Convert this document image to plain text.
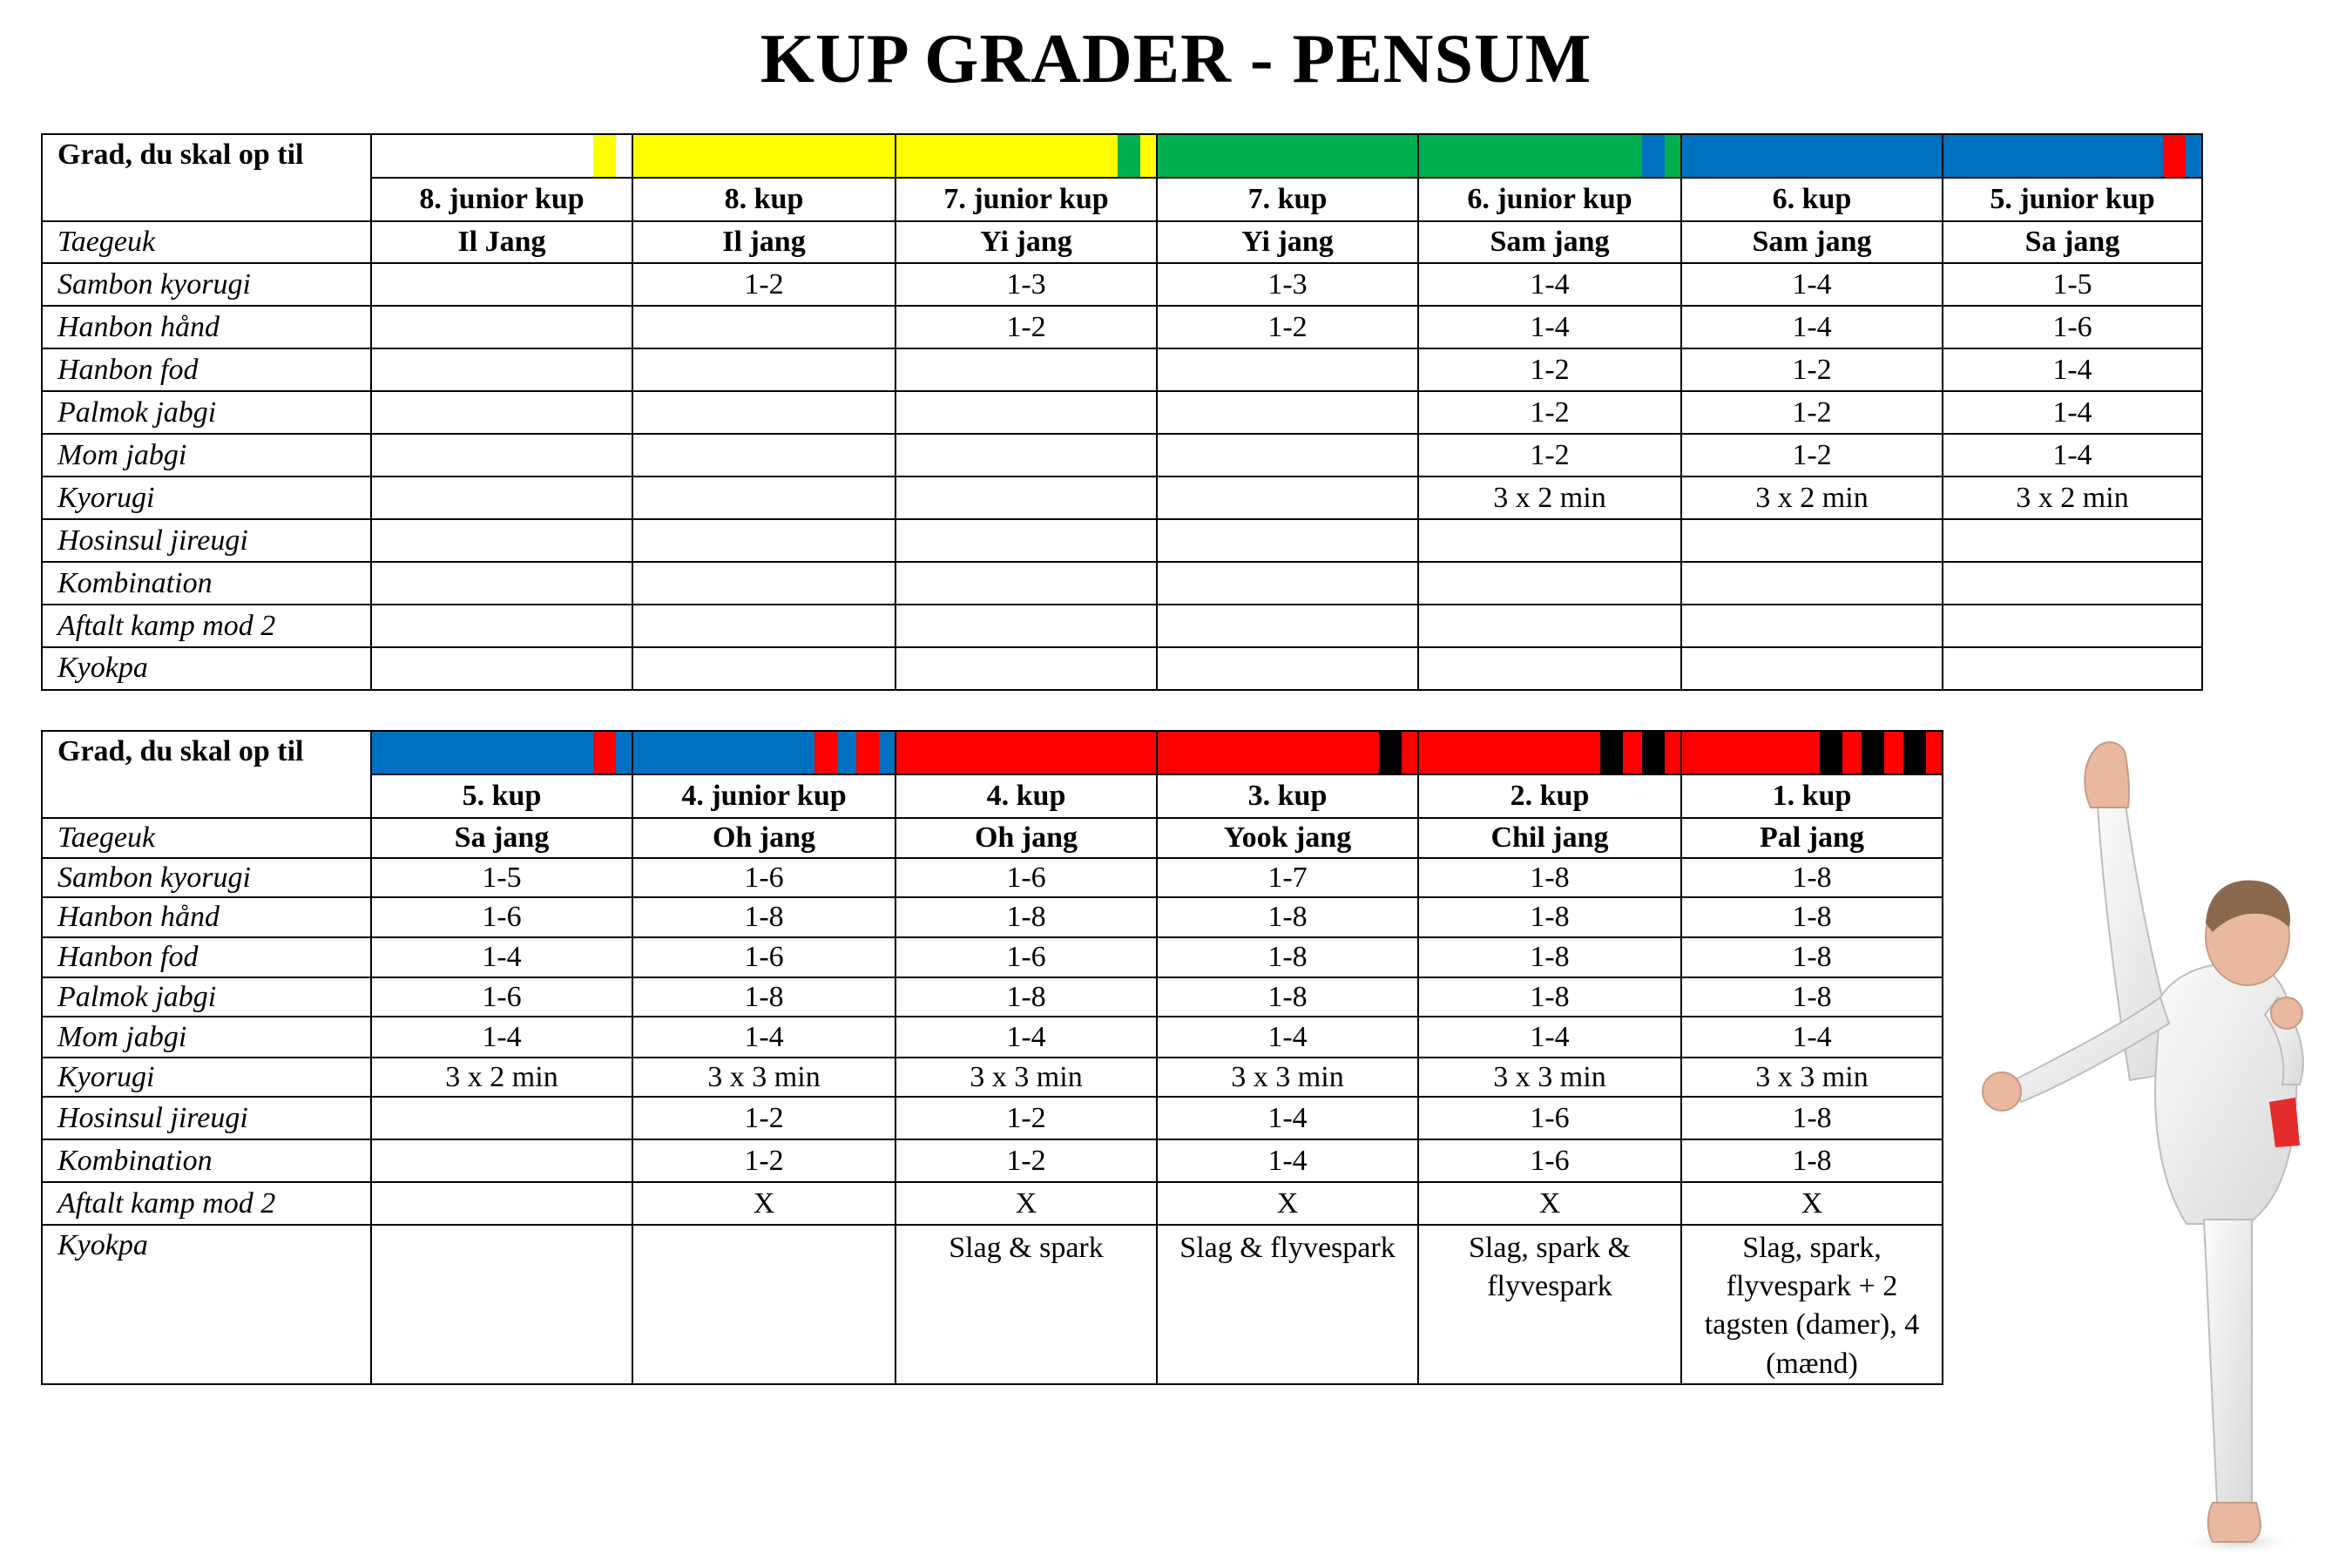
KUP GRADER - PENSUM
Grad, du skal op til	

	8. junior kup	8. kup	7. junior kup	7. kup	6. junior kup	6. kup	5. junior kup
Taegeuk	Il Jang	Il jang	Yi jang	Yi jang	Sam jang	Sam jang	Sa jang
Sambon kyorugi		1-2	1-3	1-3	1-4	1-4	1-5
Hanbon hånd			1-2	1-2	1-4	1-4	1-6
Hanbon fod					1-2	1-2	1-4
Palmok jabgi					1-2	1-2	1-4
Mom jabgi					1-2	1-2	1-4
Kyorugi					3 x 2 min	3 x 2 min	3 x 2 min
Hosinsul jireugi							
Kombination							
Aftalt kamp mod 2							
Kyokpa							
Grad, du skal op til	

	5. kup	4. junior kup	4. kup	3. kup	2. kup	1. kup
Taegeuk	Sa jang	Oh jang	Oh jang	Yook jang	Chil jang	Pal jang
Sambon kyorugi	1-5	1-6	1-6	1-7	1-8	1-8
Hanbon hånd	1-6	1-8	1-8	1-8	1-8	1-8
Hanbon fod	1-4	1-6	1-6	1-8	1-8	1-8
Palmok jabgi	1-6	1-8	1-8	1-8	1-8	1-8
Mom jabgi	1-4	1-4	1-4	1-4	1-4	1-4
Kyorugi	3 x 2 min	3 x 3 min	3 x 3 min	3 x 3 min	3 x 3 min	3 x 3 min
Hosinsul jireugi		1-2	1-2	1-4	1-6	1-8
Kombination		1-2	1-2	1-4	1-6	1-8
Aftalt kamp mod 2		X	X	X	X	X
Kyokpa			Slag & spark	Slag & flyvespark	Slag, spark & flyvespark	Slag, spark, flyvespark + 2 tagsten (damer), 4 (mænd)
